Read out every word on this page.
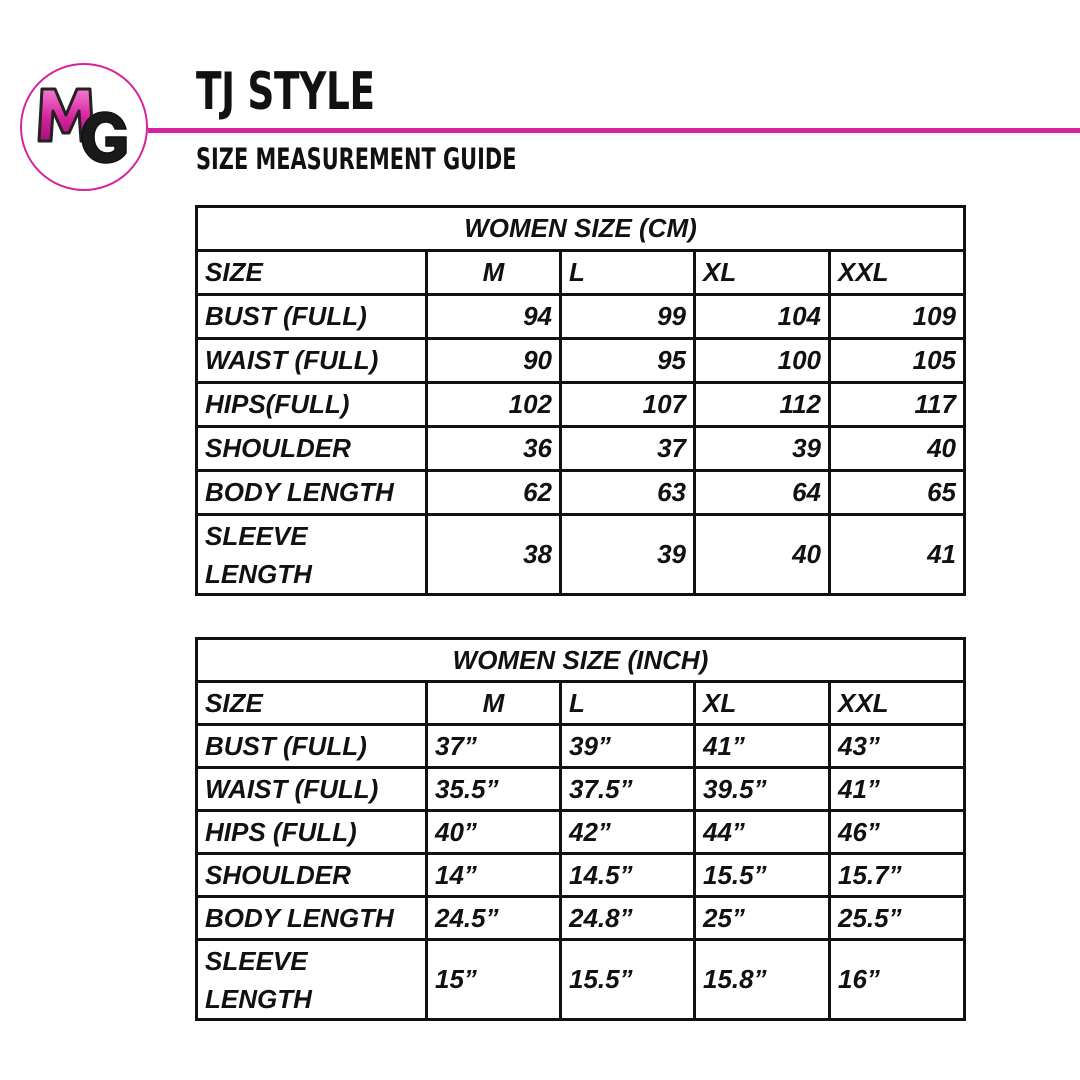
TJ STYLE
SIZE MEASUREMENT GUIDE
WOMEN SIZE (CM)				
SIZE	M	L	XL	XXL
BUST (FULL)	94	99	104	109
WAIST (FULL)	90	95	100	105
HIPS(FULL)	102	107	112	117
SHOULDER	36	37	39	40
BODY LENGTH	62	63	64	65
SLEEVE LENGTH	38	39	40	41
WOMEN SIZE (INCH)				
SIZE	M	L	XL	XXL
BUST (FULL)	37”	39”	41”	43”
WAIST (FULL)	35.5”	37.5”	39.5”	41”
HIPS (FULL)	40”	42”	44”	46”
SHOULDER	14”	14.5”	15.5”	15.7”
BODY LENGTH	24.5”	24.8”	25”	25.5”
SLEEVE LENGTH	15”	15.5”	15.8”	16”
